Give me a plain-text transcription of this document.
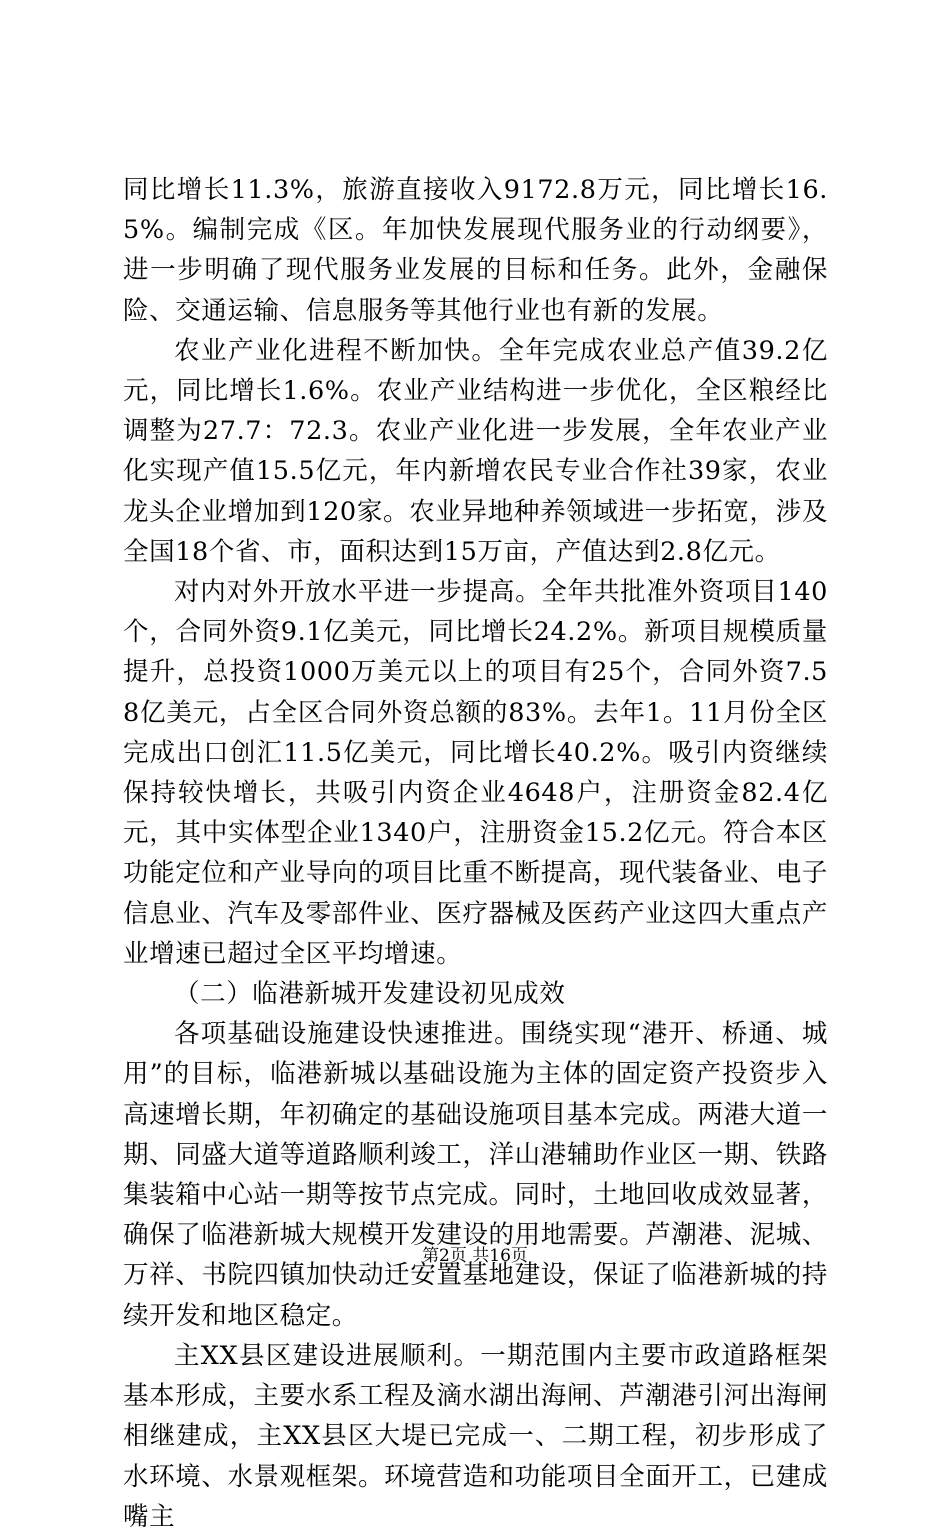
同比增长11.3%，旅游直接收入9172.8万元，同比增长16.5%。编制完成《区。年加快发展现代服务业的行动纲要》，进一步明确了现代服务业发展的目标和任务。此外，金融保险、交通运输、信息服务等其他行业也有新的发展。

农业产业化进程不断加快。全年完成农业总产值39.2亿元，同比增长1.6%。农业产业结构进一步优化，全区粮经比调整为27.7：72.3。农业产业化进一步发展，全年农业产业化实现产值15.5亿元，年内新增农民专业合作社39家，农业龙头企业增加到120家。农业异地种养领域进一步拓宽，涉及全国18个省、市，面积达到15万亩，产值达到2.8亿元。

对内对外开放水平进一步提高。全年共批准外资项目140个，合同外资9.1亿美元，同比增长24.2%。新项目规模质量提升，总投资1000万美元以上的项目有25个，合同外资7.58亿美元，占全区合同外资总额的83%。去年1。11月份全区完成出口创汇11.5亿美元，同比增长40.2%。吸引内资继续保持较快增长，共吸引内资企业4648户，注册资金82.4亿元，其中实体型企业1340户，注册资金15.2亿元。符合本区功能定位和产业导向的项目比重不断提高，现代装备业、电子信息业、汽车及零部件业、医疗器械及医药产业这四大重点产业增速已超过全区平均增速。

（二）临港新城开发建设初见成效

各项基础设施建设快速推进。围绕实现“港开、桥通、城用”的目标，临港新城以基础设施为主体的固定资产投资步入高速增长期，年初确定的基础设施项目基本完成。两港大道一期、同盛大道等道路顺利竣工，洋山港辅助作业区一期、铁路集装箱中心站一期等按节点完成。同时，土地回收成效显著，确保了临港新城大规模开发建设的用地需要。芦潮港、泥城、万祥、书院四镇加快动迁安置基地建设，保证了临港新城的持续开发和地区稳定。

主XX县区建设进展顺利。一期范围内主要市政道路框架基本形成，主要水系工程及滴水湖出海闸、芦潮港引河出海闸相继建成，主XX县区大堤已完成一、二期工程，初步形成了水环境、水景观框架。环境营造和功能项目全面开工，已建成嘴主

第2页 共16页
